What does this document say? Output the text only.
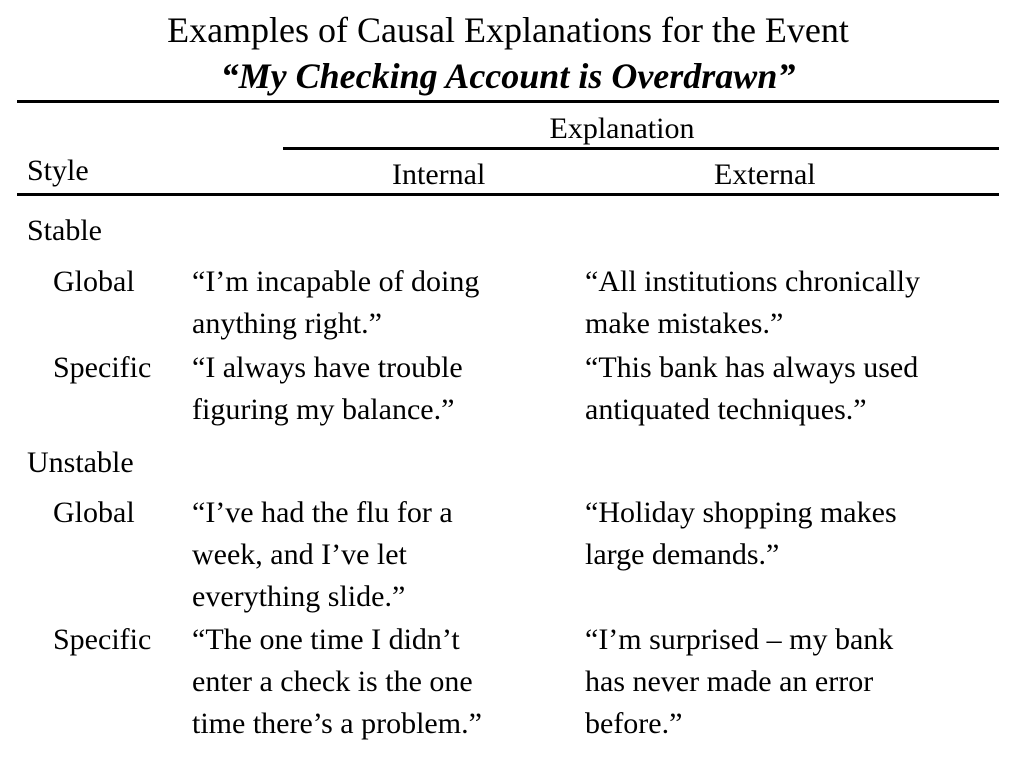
Examples of Causal Explanations for the Event
“My Checking Account is Overdrawn”
Explanation
Style	Internal	External
Stable
Global “I’m incapable of doing
anything right.”
“All institutions chronically
make mistakes.”
Specific “I always have trouble
figuring my balance.”
“This bank has always used
antiquated techniques.”
Unstable
Global “I’ve had the flu for a
week, and I’ve let
everything slide.”
“Holiday shopping makes
large demands.”
Specific “The one time I didn’t
enter a check is the one
time there’s a problem.”
“I’m surprised – my bank
has never made an error
before.”
